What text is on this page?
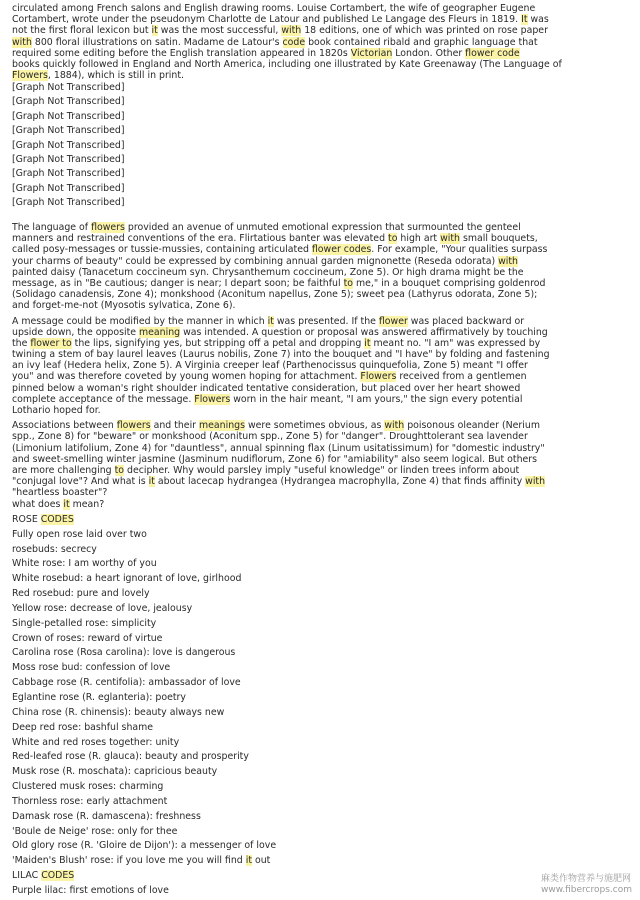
circulated among French salons and English drawing rooms. Louise Cortambert, the wife of geographer Eugene
Cortambert, wrote under the pseudonym Charlotte de Latour and published Le Langage des Fleurs in 1819. It was
not the first floral lexicon but it was the most successful, with 18 editions, one of which was printed on rose paper
with 800 floral illustrations on satin. Madame de Latour's code book contained ribald and graphic language that
required some editing before the English translation appeared in 1820s Victorian London. Other flower code
books quickly followed in England and North America, including one illustrated by Kate Greenaway (The Language of
Flowers, 1884), which is still in print.
[Graph Not Transcribed]
[Graph Not Transcribed]
[Graph Not Transcribed]
[Graph Not Transcribed]
[Graph Not Transcribed]
[Graph Not Transcribed]
[Graph Not Transcribed]
[Graph Not Transcribed]
[Graph Not Transcribed]
The language of flowers provided an avenue of unmuted emotional expression that surmounted the genteel
manners and restrained conventions of the era. Flirtatious banter was elevated to high art with small bouquets,
called posy-messages or tussie-mussies, containing articulated flower codes. For example, "Your qualities surpass
your charms of beauty" could be expressed by combining annual garden mignonette (Reseda odorata) with
painted daisy (Tanacetum coccineum syn. Chrysanthemum coccineum, Zone 5). Or high drama might be the
message, as in "Be cautious; danger is near; I depart soon; be faithful to me," in a bouquet comprising goldenrod
(Solidago canadensis, Zone 4); monkshood (Aconitum napellus, Zone 5); sweet pea (Lathyrus odorata, Zone 5);
and forget-me-not (Myosotis sylvatica, Zone 6).
A message could be modified by the manner in which it was presented. If the flower was placed backward or
upside down, the opposite meaning was intended. A question or proposal was answered affirmatively by touching
the flower to the lips, signifying yes, but stripping off a petal and dropping it meant no. "I am" was expressed by
twining a stem of bay laurel leaves (Laurus nobilis, Zone 7) into the bouquet and "I have" by folding and fastening
an ivy leaf (Hedera helix, Zone 5). A Virginia creeper leaf (Parthenocissus quinquefolia, Zone 5) meant "I offer
you" and was therefore coveted by young women hoping for attachment. Flowers received from a gentlemen
pinned below a woman's right shoulder indicated tentative consideration, but placed over her heart showed
complete acceptance of the message. Flowers worn in the hair meant, "I am yours," the sign every potential
Lothario hoped for.
Associations between flowers and their meanings were sometimes obvious, as with poisonous oleander (Nerium
spp., Zone 8) for "beware" or monkshood (Aconitum spp., Zone 5) for "danger". Droughttolerant sea lavender
(Limonium latifolium, Zone 4) for "dauntless", annual spinning flax (Linum usitatissimum) for "domestic industry"
and sweet-smelling winter jasmine (Jasminum nudiflorum, Zone 6) for "amiability" also seem logical. But others
are more challenging to decipher. Why would parsley imply "useful knowledge" or linden trees inform about
"conjugal love"? And what is it about lacecap hydrangea (Hydrangea macrophylla, Zone 4) that finds affinity with
"heartless boaster"?
what does it mean?
ROSE CODES
Fully open rose laid over two
rosebuds: secrecy
White rose: I am worthy of you
White rosebud: a heart ignorant of love, girlhood
Red rosebud: pure and lovely
Yellow rose: decrease of love, jealousy
Single-petalled rose: simplicity
Crown of roses: reward of virtue
Carolina rose (Rosa carolina): love is dangerous
Moss rose bud: confession of love
Cabbage rose (R. centifolia): ambassador of love
Eglantine rose (R. eglanteria): poetry
China rose (R. chinensis): beauty always new
Deep red rose: bashful shame
White and red roses together: unity
Red-leafed rose (R. glauca): beauty and prosperity
Musk rose (R. moschata): capricious beauty
Clustered musk roses: charming
Thornless rose: early attachment
Damask rose (R. damascena): freshness
'Boule de Neige' rose: only for thee
Old glory rose (R. 'Gloire de Dijon'): a messenger of love
'Maiden's Blush' rose: if you love me you will find it out
LILAC CODES
Purple lilac: first emotions of love
麻类作物营养与施肥网
www.fibercrops.com
